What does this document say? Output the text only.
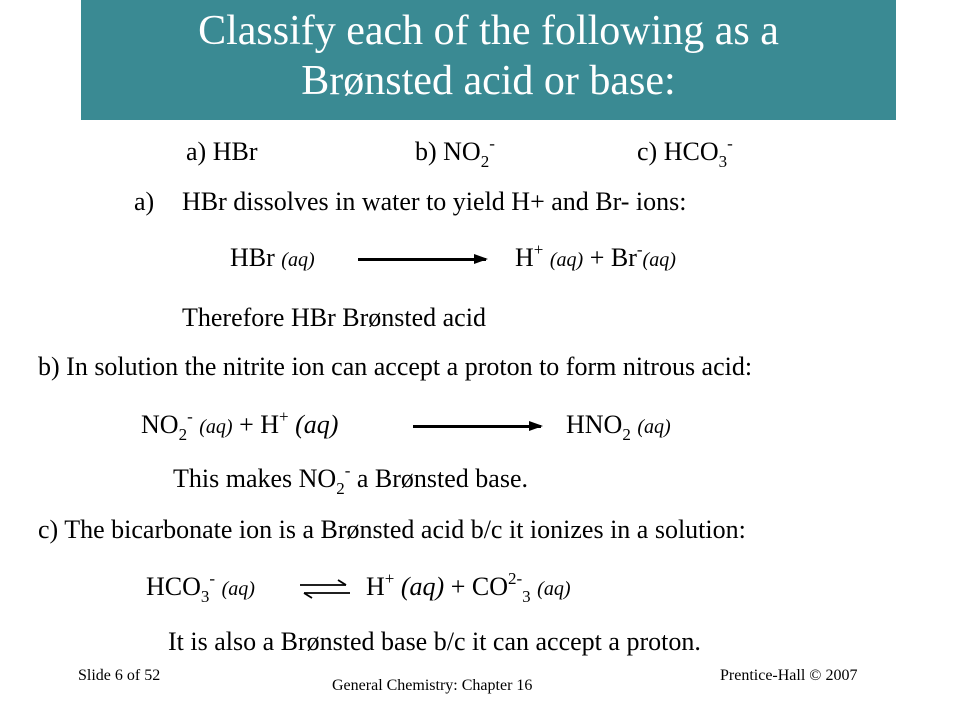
Classify each of the following as a
Brønsted acid or base:
a) HBr	b) $NO_2^-$	c) $HCO_3^-$
a) HBr dissolves in water to yield H+ and Br- ions:
HBr (aq)	H+ (aq) + Br-(aq)
Therefore HBr Brønsted acid
b) In solution the nitrite ion can accept a proton to form nitrous acid:
$NO_2^-$ (aq) + H+ (aq)	$HNO_2$ (aq)
This makes $NO_2^-$ a Brønsted base.
c) The bicarbonate ion is a Brønsted acid b/c it ionizes in a solution:
$HCO_3^-$ (aq)	⇌ H+ $(aq) + CO^{2-}_3$ (aq)
It is also a Brønsted base b/c it can accept a proton.
Slide 6 of 52
General Chemistry: Chapter 16
Prentice-Hall © 2007
